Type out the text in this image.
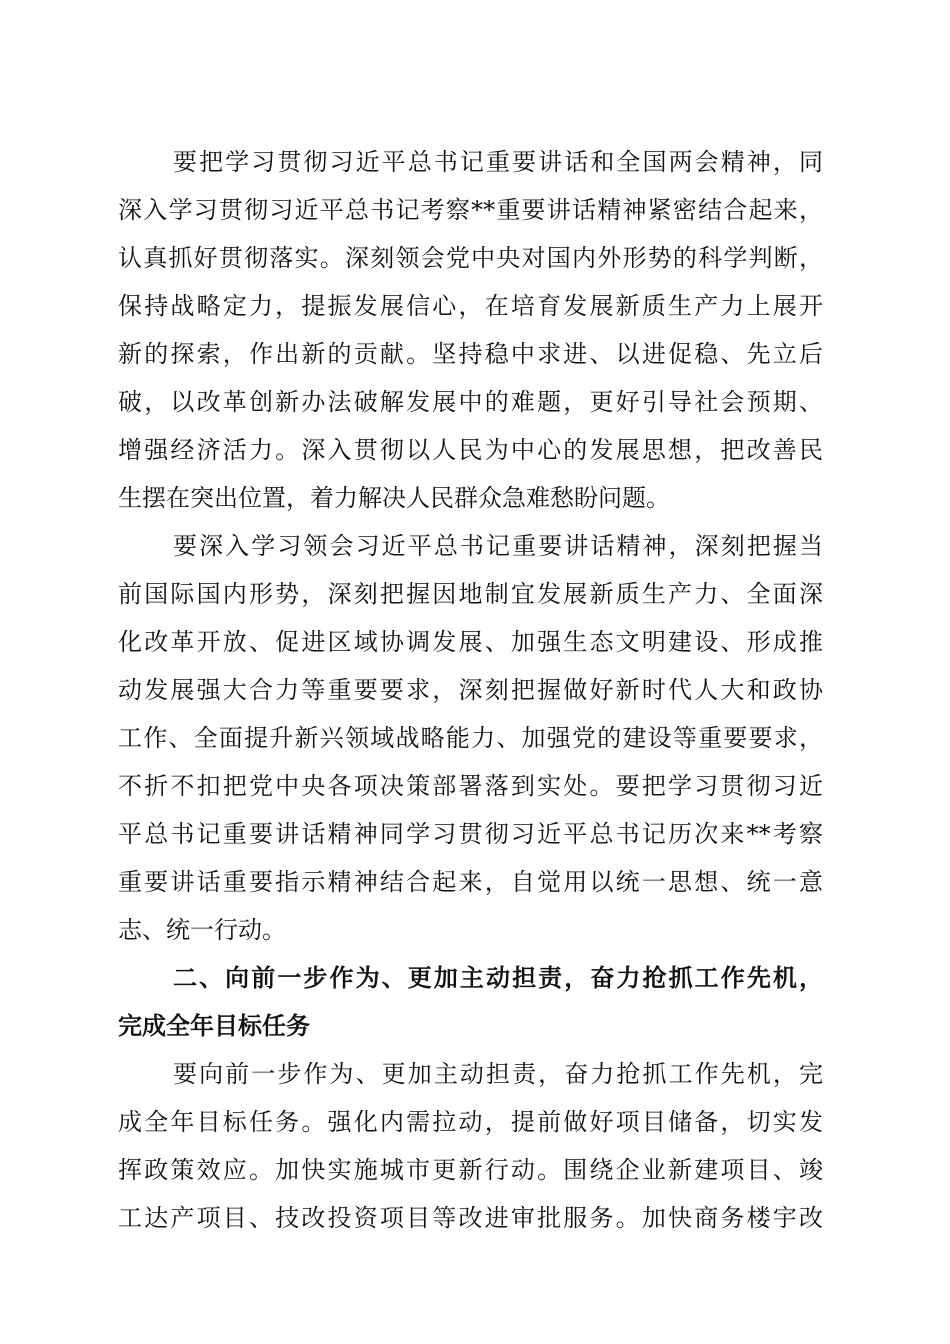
要把学习贯彻习近平总书记重要讲话和全国两会精神，同
深入学习贯彻习近平总书记考察**重要讲话精神紧密结合起来，
认真抓好贯彻落实。深刻领会党中央对国内外形势的科学判断，
保持战略定力，提振发展信心，在培育发展新质生产力上展开
新的探索，作出新的贡献。坚持稳中求进、以进促稳、先立后
破，以改革创新办法破解发展中的难题，更好引导社会预期、
增强经济活力。深入贯彻以人民为中心的发展思想，把改善民
生摆在突出位置，着力解决人民群众急难愁盼问题。
要深入学习领会习近平总书记重要讲话精神，深刻把握当
前国际国内形势，深刻把握因地制宜发展新质生产力、全面深
化改革开放、促进区域协调发展、加强生态文明建设、形成推
动发展强大合力等重要要求，深刻把握做好新时代人大和政协
工作、全面提升新兴领域战略能力、加强党的建设等重要要求，
不折不扣把党中央各项决策部署落到实处。要把学习贯彻习近
平总书记重要讲话精神同学习贯彻习近平总书记历次来**考察
重要讲话重要指示精神结合起来，自觉用以统一思想、统一意
志、统一行动。
二、向前一步作为、更加主动担责，奋力抢抓工作先机，
完成全年目标任务
要向前一步作为、更加主动担责，奋力抢抓工作先机，完
成全年目标任务。强化内需拉动，提前做好项目储备，切实发
挥政策效应。加快实施城市更新行动。围绕企业新建项目、竣
工达产项目、技改投资项目等改进审批服务。加快商务楼宇改
